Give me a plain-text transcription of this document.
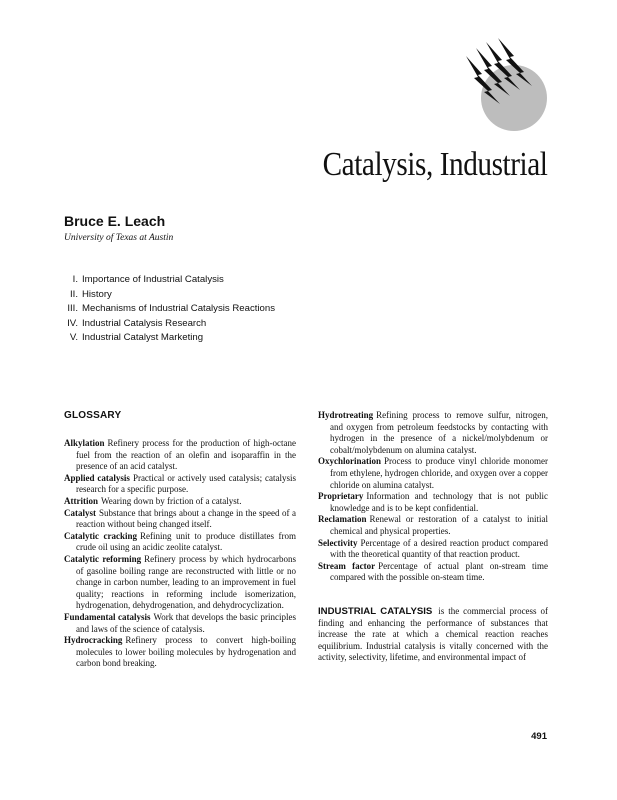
Catalysis, Industrial
Bruce E. Leach
University of Texas at Austin
I. Importance of Industrial Catalysis
II. History
III. Mechanisms of Industrial Catalysis Reactions
IV. Industrial Catalysis Research
V. Industrial Catalyst Marketing
GLOSSARY

Alkylation Refinery process for the production of high-octane fuel from the reaction of an olefin and isoparaffin in the presence of an acid catalyst.

Applied catalysis Practical or actively used catalysis; catalysis research for a specific purpose.

Attrition Wearing down by friction of a catalyst.

Catalyst Substance that brings about a change in the speed of a reaction without being changed itself.

Catalytic cracking Refining unit to produce distillates from crude oil using an acidic zeolite catalyst.

Catalytic reforming Refinery process by which hydrocarbons of gasoline boiling range are reconstructed with little or no change in carbon number, leading to an improvement in fuel quality; reactions in reforming include isomerization, hydrogenation, dehydrogenation, and dehydrocyclization.

Fundamental catalysis Work that develops the basic principles and laws of the science of catalysis.

Hydrocracking Refinery process to convert high-boiling molecules to lower boiling molecules by hydrogenation and carbon bond breaking.

Hydrotreating Refining process to remove sulfur, nitrogen, and oxygen from petroleum feedstocks by contacting with hydrogen in the presence of a nickel/molybdenum or cobalt/molybdenum on alumina catalyst.

Oxychlorination Process to produce vinyl chloride monomer from ethylene, hydrogen chloride, and oxygen over a copper chloride on alumina catalyst.

Proprietary Information and technology that is not public knowledge and is to be kept confidential.

Reclamation Renewal or restoration of a catalyst to initial chemical and physical properties.

Selectivity Percentage of a desired reaction product compared with the theoretical quantity of that reaction product.

Stream factor Percentage of actual plant on-stream time compared with the possible on-steam time.

INDUSTRIAL CATALYSIS is the commercial process of finding and enhancing the performance of substances that increase the rate at which a chemical reaction reaches equilibrium. Industrial catalysis is vitally concerned with the activity, selectivity, lifetime, and environmental impact of

491
